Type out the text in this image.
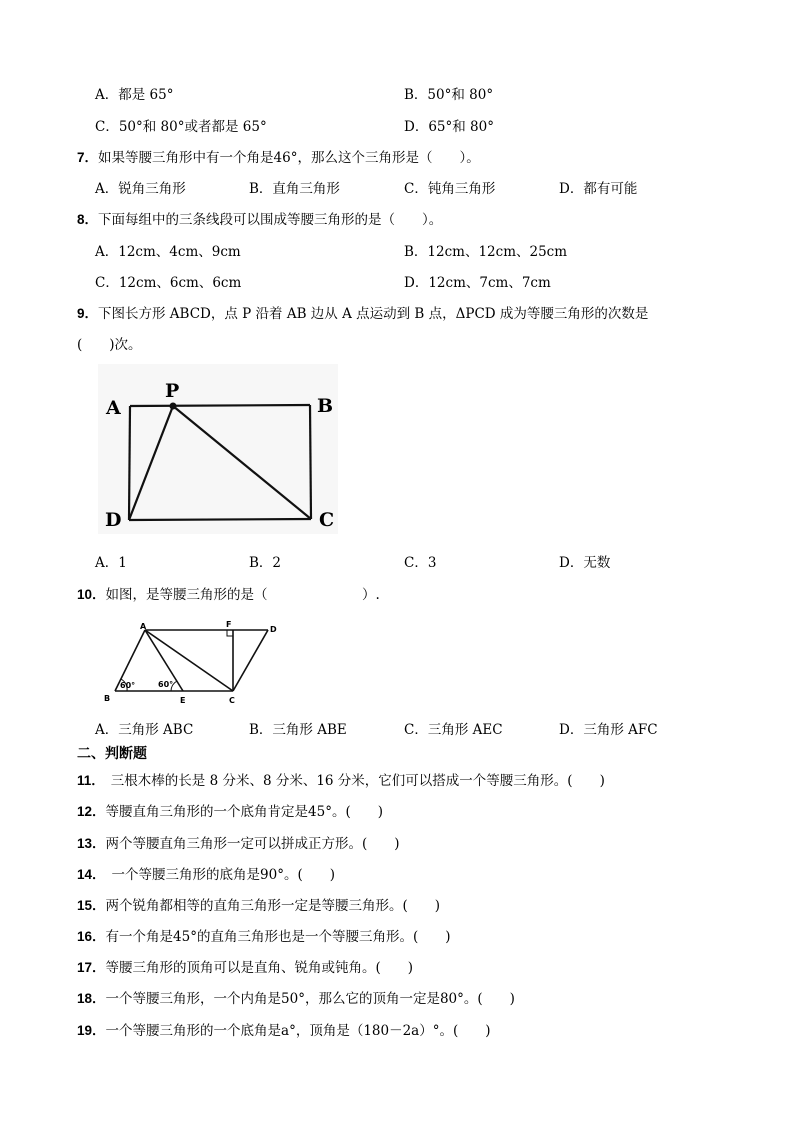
A．都是 65°	B．50°和 80°
C．50°和 80°或者都是 65°	D．65°和 80°
7．如果等腰三角形中有一个角是46°，那么这个三角形是（　　）。
A．锐角三角形	B．直角三角形	C．钝角三角形	D．都有可能
8．下面每组中的三条线段可以围成等腰三角形的是（　　）。
A．12cm、4cm、9cm	B．12cm、12cm、25cm
C．12cm、6cm、6cm	D．12cm、7cm、7cm
9．下图长方形 ABCD，点 P 沿着 AB 边从 A 点运动到 B 点，ΔPCD 成为等腰三角形的次数是
(　　)次。
A
P
B
D	C
A．1	B．2	C．3	D．无数
10．如图，是等腰三角形的是（　　　　　　　）.
A	F
D
B	E	C
60°	60°
A．三角形 ABC	B．三角形 ABE	C．三角形 AEC	D．三角形 AFC
二、判断题
11． 三根木棒的长是 8 分米、8 分米、16 分米，它们可以搭成一个等腰三角形。(　　)
12．等腰直角三角形的一个底角肯定是45°。(　　)
13．两个等腰直角三角形一定可以拼成正方形。(　　)
14． 一个等腰三角形的底角是90°。(　　)
15．两个锐角都相等的直角三角形一定是等腰三角形。(　　)
16．有一个角是45°的直角三角形也是一个等腰三角形。(　　)
17．等腰三角形的顶角可以是直角、锐角或钝角。(　　)
18．一个等腰三角形，一个内角是50°，那么它的顶角一定是80°。(　　)
19．一个等腰三角形的一个底角是a°，顶角是（180－2a）°。(　　)
